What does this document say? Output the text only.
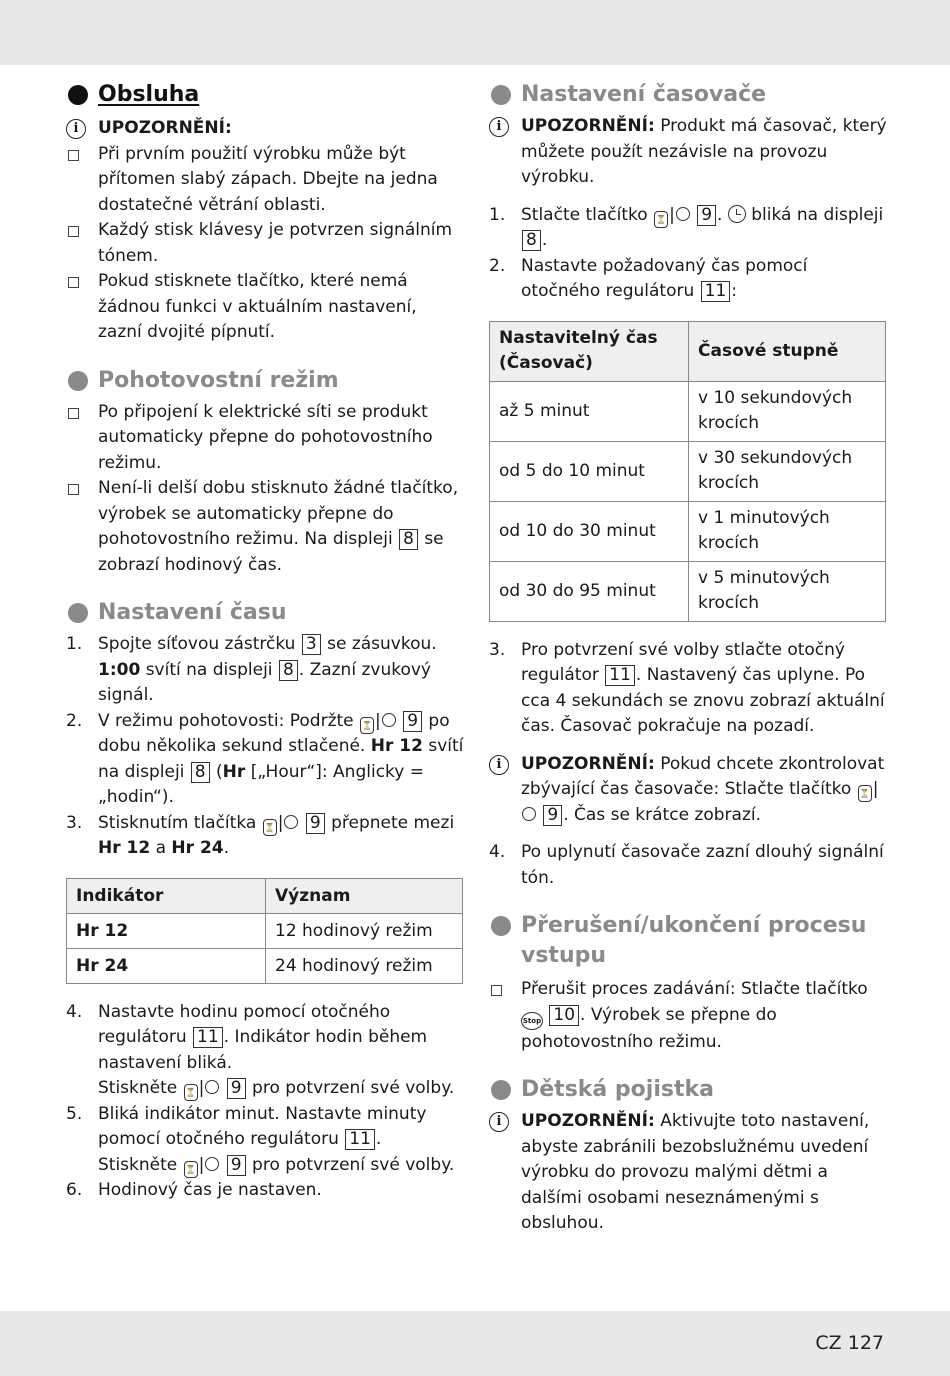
Obsluha
i	UPOZORNĚNÍ:
Při prvním použití výrobku může být přítomen slabý zápach. Dbejte na jedna dostatečné větrání oblasti.
Každý stisk klávesy je potvrzen signálním tónem.
Pokud stisknete tlačítko, které nemá žádnou funkci v aktuálním nastavení, zazní dvojité pípnutí.
Pohotovostní režim
Po připojení k elektrické síti se produkt automaticky přepne do pohotovostního režimu.
Není-li delší dobu stisknuto žádné tlačítko, výrobek se automaticky přepne do pohotovostního režimu. Na displeji 8 se zobrazí hodinový čas.
Nastavení času
1. Spojte síťovou zástrčku 3 se zásuvkou. 1:00 svítí na displeji 8 . Zazní zvukový signál.
2. V režimu pohotovosti: Podržte ⏳ | 9 po dobu několika sekund stlačené. Hr 12 svítí na displeji 8 (Hr [„Hour“]: Anglicky = „hodin“).
3. Stisknutím tlačítka ⏳ | 9 přepnete mezi Hr 12 a Hr 24.
Indikátor	Význam
Hr 12	12 hodinový režim
Hr 24	24 hodinový režim
4. Nastavte hodinu pomocí otočného regulátoru 11 . Indikátor hodin během nastavení bliká.
Stiskněte ⏳ | 9 pro potvrzení své volby.
5. Bliká indikátor minut. Nastavte minuty pomocí otočného regulátoru 11 .
Stiskněte ⏳ | 9 pro potvrzení své volby.
6. Hodinový čas je nastaven.
Nastavení časovače
i	UPOZORNĚNÍ: Produkt má časovač, který můžete použít nezávisle na provozu výrobku.
1. Stlačte tlačítko ⏳ | 9 . bliká na displeji 8 .
2. Nastavte požadovaný čas pomocí otočného regulátoru 11 :
Nastavitelný čas (Časovač)	Časové stupně
až 5 minut	v 10 sekundových krocích
od 5 do 10 minut	v 30 sekundových krocích
od 10 do 30 minut	v 1 minutových krocích
od 30 do 95 minut	v 5 minutových krocích
3. Pro potvrzení své volby stlačte otočný regulátor 11 . Nastavený čas uplyne. Po cca 4 sekundách se znovu zobrazí aktuální čas. Časovač pokračuje na pozadí.
i	UPOZORNĚNÍ: Pokud chcete zkontrolovat zbývající čas časovače: Stlačte tlačítko ⏳ | 9 . Čas se krátce zobrazí.
4. Po uplynutí časovače zazní dlouhý signální tón.
Přerušení/ukončení procesu vstupu
Přerušit proces zadávání: Stlačte tlačítko Stop 10 . Výrobek se přepne do pohotovostního režimu.
Dětská pojistka
i	UPOZORNĚNÍ: Aktivujte toto nastavení, abyste zabránili bezobslužnému uvedení výrobku do provozu malými dětmi a dalšími osobami neseznámenými s obsluhou.
CZ 127
